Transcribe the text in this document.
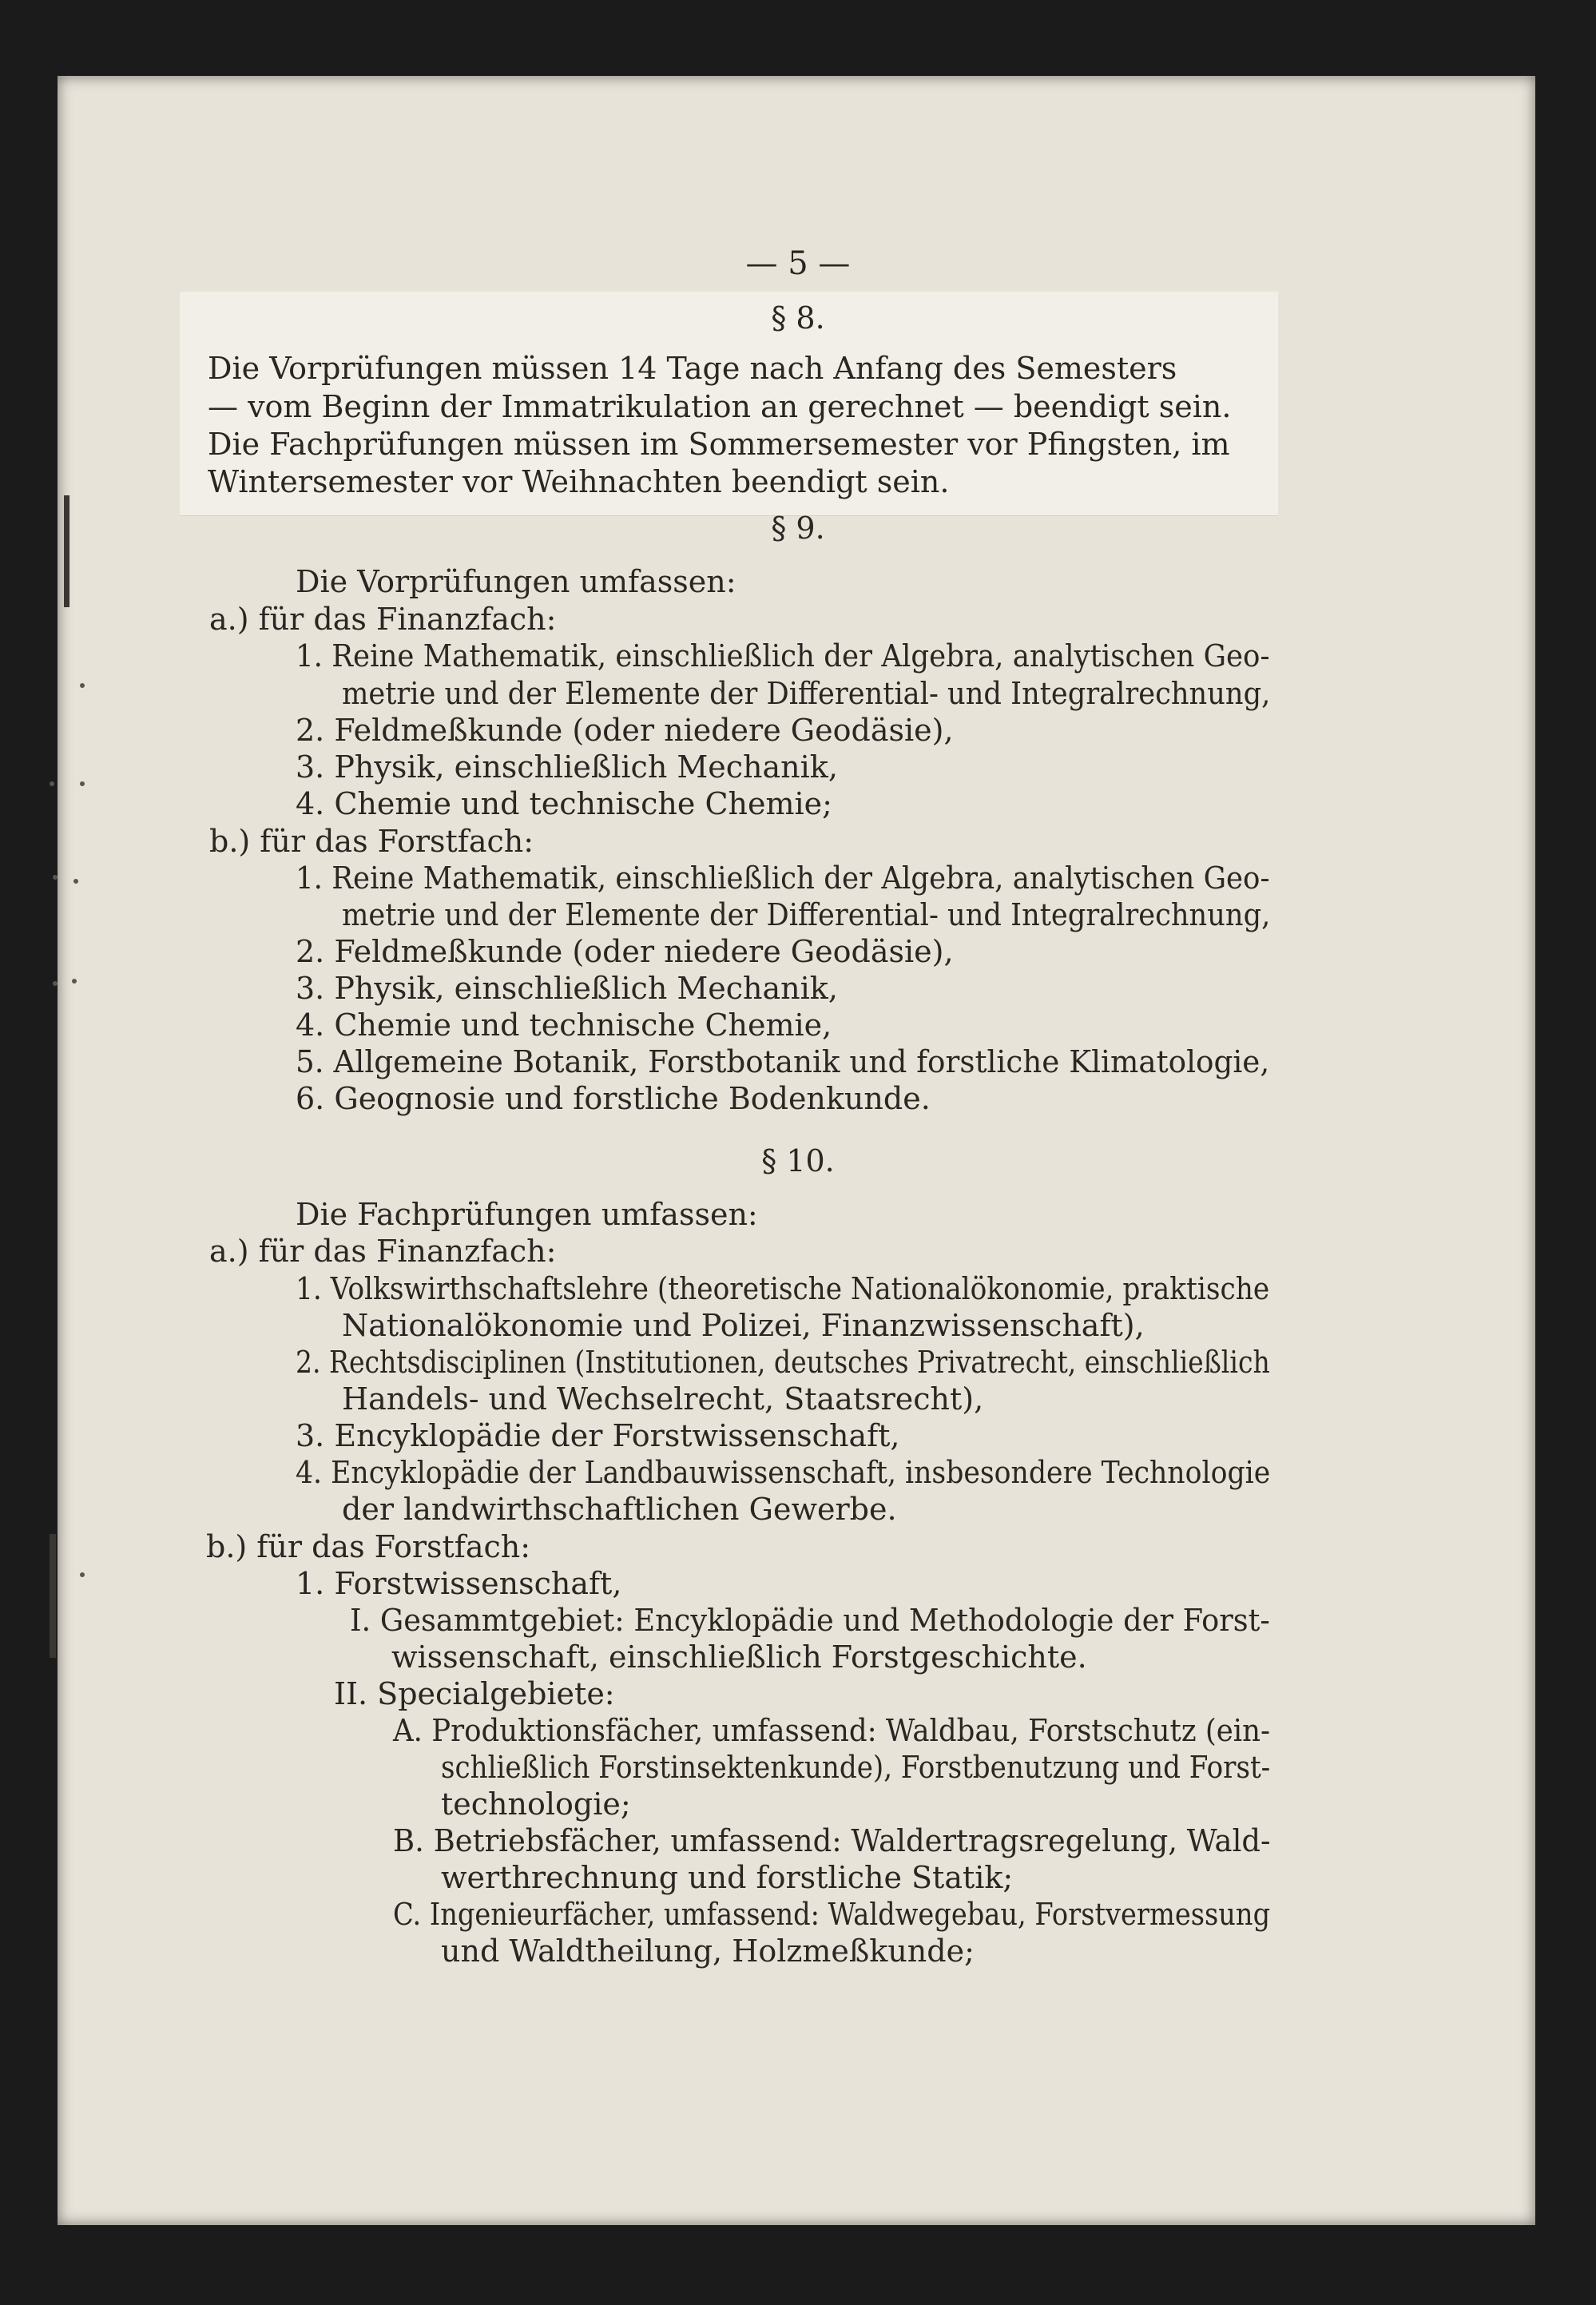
— 5 —
§ 8.
Die Vorprüfungen müssen 14 Tage nach Anfang des Semesters
— vom Beginn der Immatrikulation an gerechnet — beendigt sein.
Die Fachprüfungen müssen im Sommersemester vor Pfingsten, im
Wintersemester vor Weihnachten beendigt sein.
§ 9.
Die Vorprüfungen umfassen:
a.) für das Finanzfach:
1. Reine Mathematik, einschließlich der Algebra, analytischen Geo-
metrie und der Elemente der Differential- und Integralrechnung,
2. Feldmeßkunde (oder niedere Geodäsie),
3. Physik, einschließlich Mechanik,
4. Chemie und technische Chemie;
b.) für das Forstfach:
1. Reine Mathematik, einschließlich der Algebra, analytischen Geo-
metrie und der Elemente der Differential- und Integralrechnung,
2. Feldmeßkunde (oder niedere Geodäsie),
3. Physik, einschließlich Mechanik,
4. Chemie und technische Chemie,
5. Allgemeine Botanik, Forstbotanik und forstliche Klimatologie,
6. Geognosie und forstliche Bodenkunde.
§ 10.
Die Fachprüfungen umfassen:
a.) für das Finanzfach:
1. Volkswirthschaftslehre (theoretische Nationalökonomie, praktische
Nationalökonomie und Polizei, Finanzwissenschaft),
2. Rechtsdisciplinen (Institutionen, deutsches Privatrecht, einschließlich
Handels- und Wechselrecht, Staatsrecht),
3. Encyklopädie der Forstwissenschaft,
4. Encyklopädie der Landbauwissenschaft, insbesondere Technologie
der landwirthschaftlichen Gewerbe.
b.) für das Forstfach:
1. Forstwissenschaft,
I. Gesammtgebiet: Encyklopädie und Methodologie der Forst-
wissenschaft, einschließlich Forstgeschichte.
II. Specialgebiete:
A. Produktionsfächer, umfassend: Waldbau, Forstschutz (ein-
schließlich Forstinsektenkunde), Forstbenutzung und Forst-
technologie;
B. Betriebsfächer, umfassend: Waldertragsregelung, Wald-
werthrechnung und forstliche Statik;
C. Ingenieurfächer, umfassend: Waldwegebau, Forstvermessung
und Waldtheilung, Holzmeßkunde;
